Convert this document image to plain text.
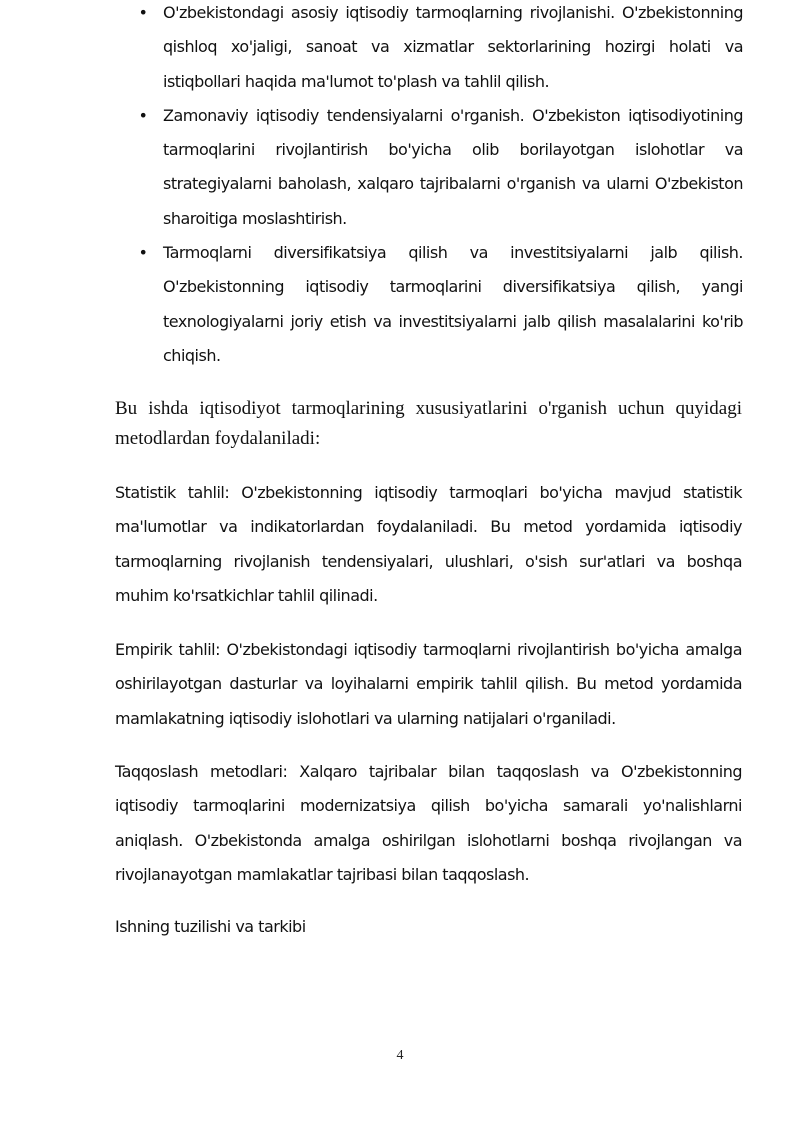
• O'zbekistondagi asosiy iqtisodiy tarmoqlarning rivojlanishi. O'zbekistonning qishloq xo'jaligi, sanoat va xizmatlar sektorlarining hozirgi holati va istiqbollari haqida ma'lumot to'plash va tahlil qilish.
• Zamonaviy iqtisodiy tendensiyalarni o'rganish. O'zbekiston iqtisodiyotining tarmoqlarini rivojlantirish bo'yicha olib borilayotgan islohotlar va strategiyalarni baholash, xalqaro tajribalarni o'rganish va ularni O'zbekiston sharoitiga moslashtirish.
• Tarmoqlarni diversifikatsiya qilish va investitsiyalarni jalb qilish. O'zbekistonning iqtisodiy tarmoqlarini diversifikatsiya qilish, yangi texnologiyalarni joriy etish va investitsiyalarni jalb qilish masalalarini ko'rib chiqish.

Bu ishda iqtisodiyot tarmoqlarining xususiyatlarini o'rganish uchun quyidagi metodlardan foydalaniladi:

Statistik tahlil: O'zbekistonning iqtisodiy tarmoqlari bo'yicha mavjud statistik ma'lumotlar va indikatorlardan foydalaniladi. Bu metod yordamida iqtisodiy tarmoqlarning rivojlanish tendensiyalari, ulushlari, o'sish sur'atlari va boshqa muhim ko'rsatkichlar tahlil qilinadi.

Empirik tahlil: O'zbekistondagi iqtisodiy tarmoqlarni rivojlantirish bo'yicha amalga oshirilayotgan dasturlar va loyihalarni empirik tahlil qilish. Bu metod yordamida mamlakatning iqtisodiy islohotlari va ularning natijalari o'rganiladi.

Taqqoslash metodlari: Xalqaro tajribalar bilan taqqoslash va O'zbekistonning iqtisodiy tarmoqlarini modernizatsiya qilish bo'yicha samarali yo'nalishlarni aniqlash. O'zbekistonda amalga oshirilgan islohotlarni boshqa rivojlangan va rivojlanayotgan mamlakatlar tajribasi bilan taqqoslash.

Ishning tuzilishi va tarkibi

4
